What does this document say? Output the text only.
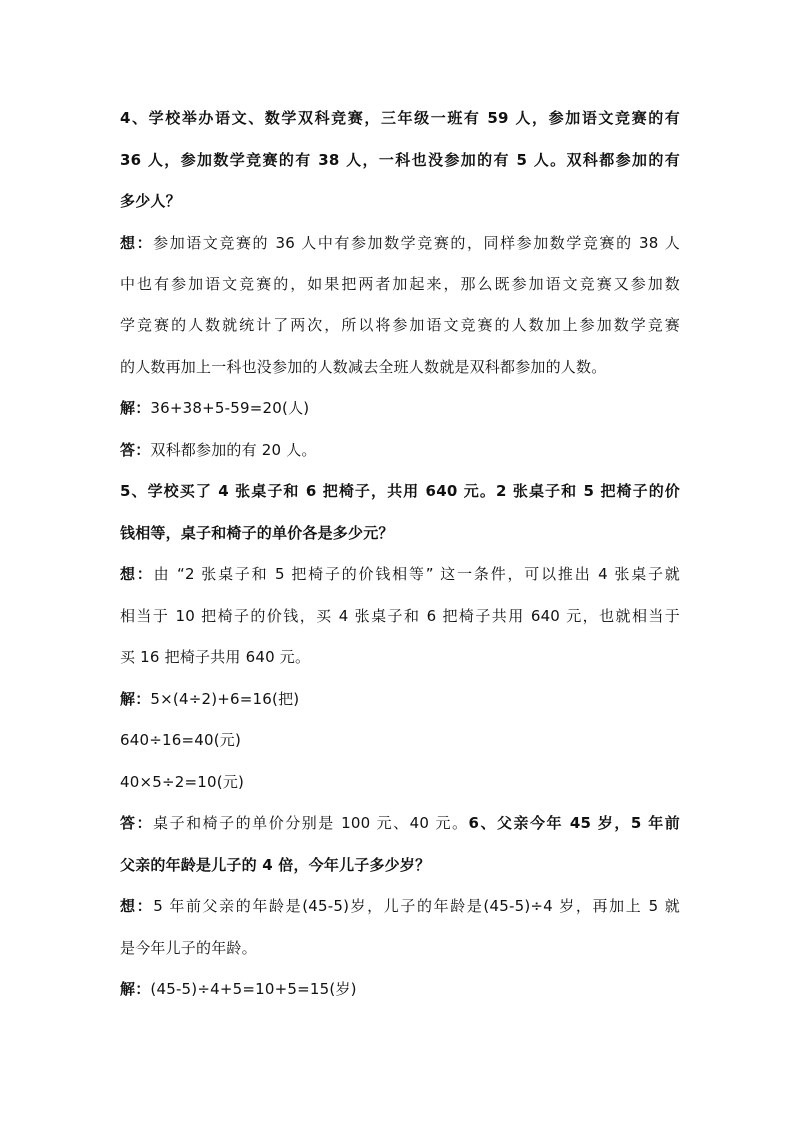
4、学校举办语文、数学双科竞赛，三年级一班有 59 人，参加语文竞赛的有
36 人，参加数学竞赛的有 38 人，一科也没参加的有 5 人。双科都参加的有
多少人？
想：参加语文竞赛的 36 人中有参加数学竞赛的，同样参加数学竞赛的 38 人
中也有参加语文竞赛的，如果把两者加起来，那么既参加语文竞赛又参加数
学竞赛的人数就统计了两次，所以将参加语文竞赛的人数加上参加数学竞赛
的人数再加上一科也没参加的人数减去全班人数就是双科都参加的人数。
解：36+38+5-59=20(人)
答：双科都参加的有 20 人。
5、学校买了 4 张桌子和 6 把椅子，共用 640 元。2 张桌子和 5 把椅子的价
钱相等，桌子和椅子的单价各是多少元？
想：由 “2 张桌子和 5 把椅子的价钱相等” 这一条件，可以推出 4 张桌子就
相当于 10 把椅子的价钱，买 4 张桌子和 6 把椅子共用 640 元，也就相当于
买 16 把椅子共用 640 元。
解：5×(4÷2)+6=16(把)
640÷16=40(元)
40×5÷2=10(元)
答：桌子和椅子的单价分别是 100 元、40 元。6、父亲今年 45 岁，5 年前
父亲的年龄是儿子的 4 倍，今年儿子多少岁？
想：5 年前父亲的年龄是(45-5)岁，儿子的年龄是(45-5)÷4 岁，再加上 5 就
是今年儿子的年龄。
解：(45-5)÷4+5=10+5=15(岁)
